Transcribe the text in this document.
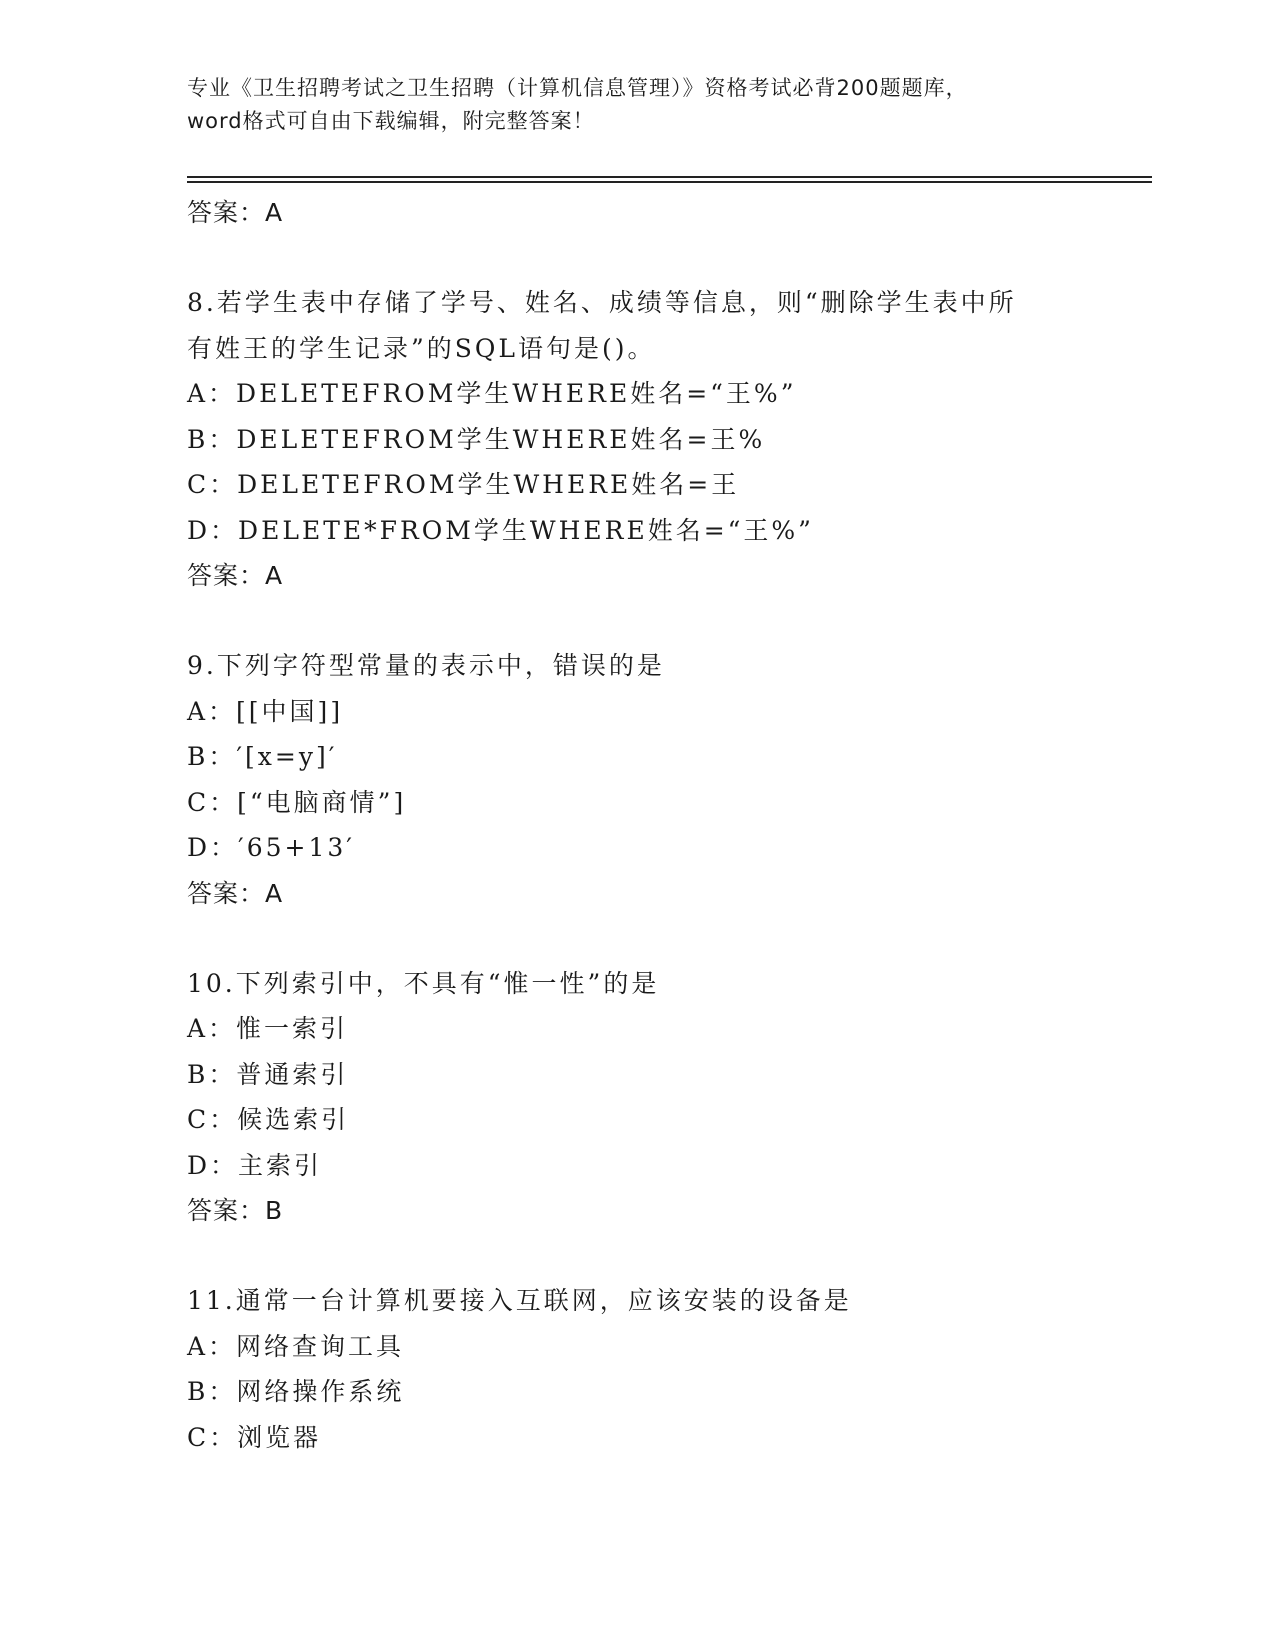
专业《卫生招聘考试之卫生招聘（计算机信息管理）》资格考试必背200题题库，
word格式可自由下载编辑，附完整答案！
答案：A
8.若学生表中存储了学号、姓名、成绩等信息，则“删除学生表中所
有姓王的学生记录”的SQL语句是()。
A：DELETEFROM学生WHERE姓名=“王%”
B：DELETEFROM学生WHERE姓名=王%
C：DELETEFROM学生WHERE姓名=王
D：DELETE*FROM学生WHERE姓名=“王%”
答案：A
9.下列字符型常量的表示中，错误的是
A：[[中国]]
B：′[x=y]′
C：[“电脑商情”]
D：′65+13′
答案：A
10.下列索引中，不具有“惟一性”的是
A：惟一索引
B：普通索引
C：候选索引
D：主索引
答案：B
11.通常一台计算机要接入互联网，应该安装的设备是
A：网络查询工具
B：网络操作系统
C：浏览器
